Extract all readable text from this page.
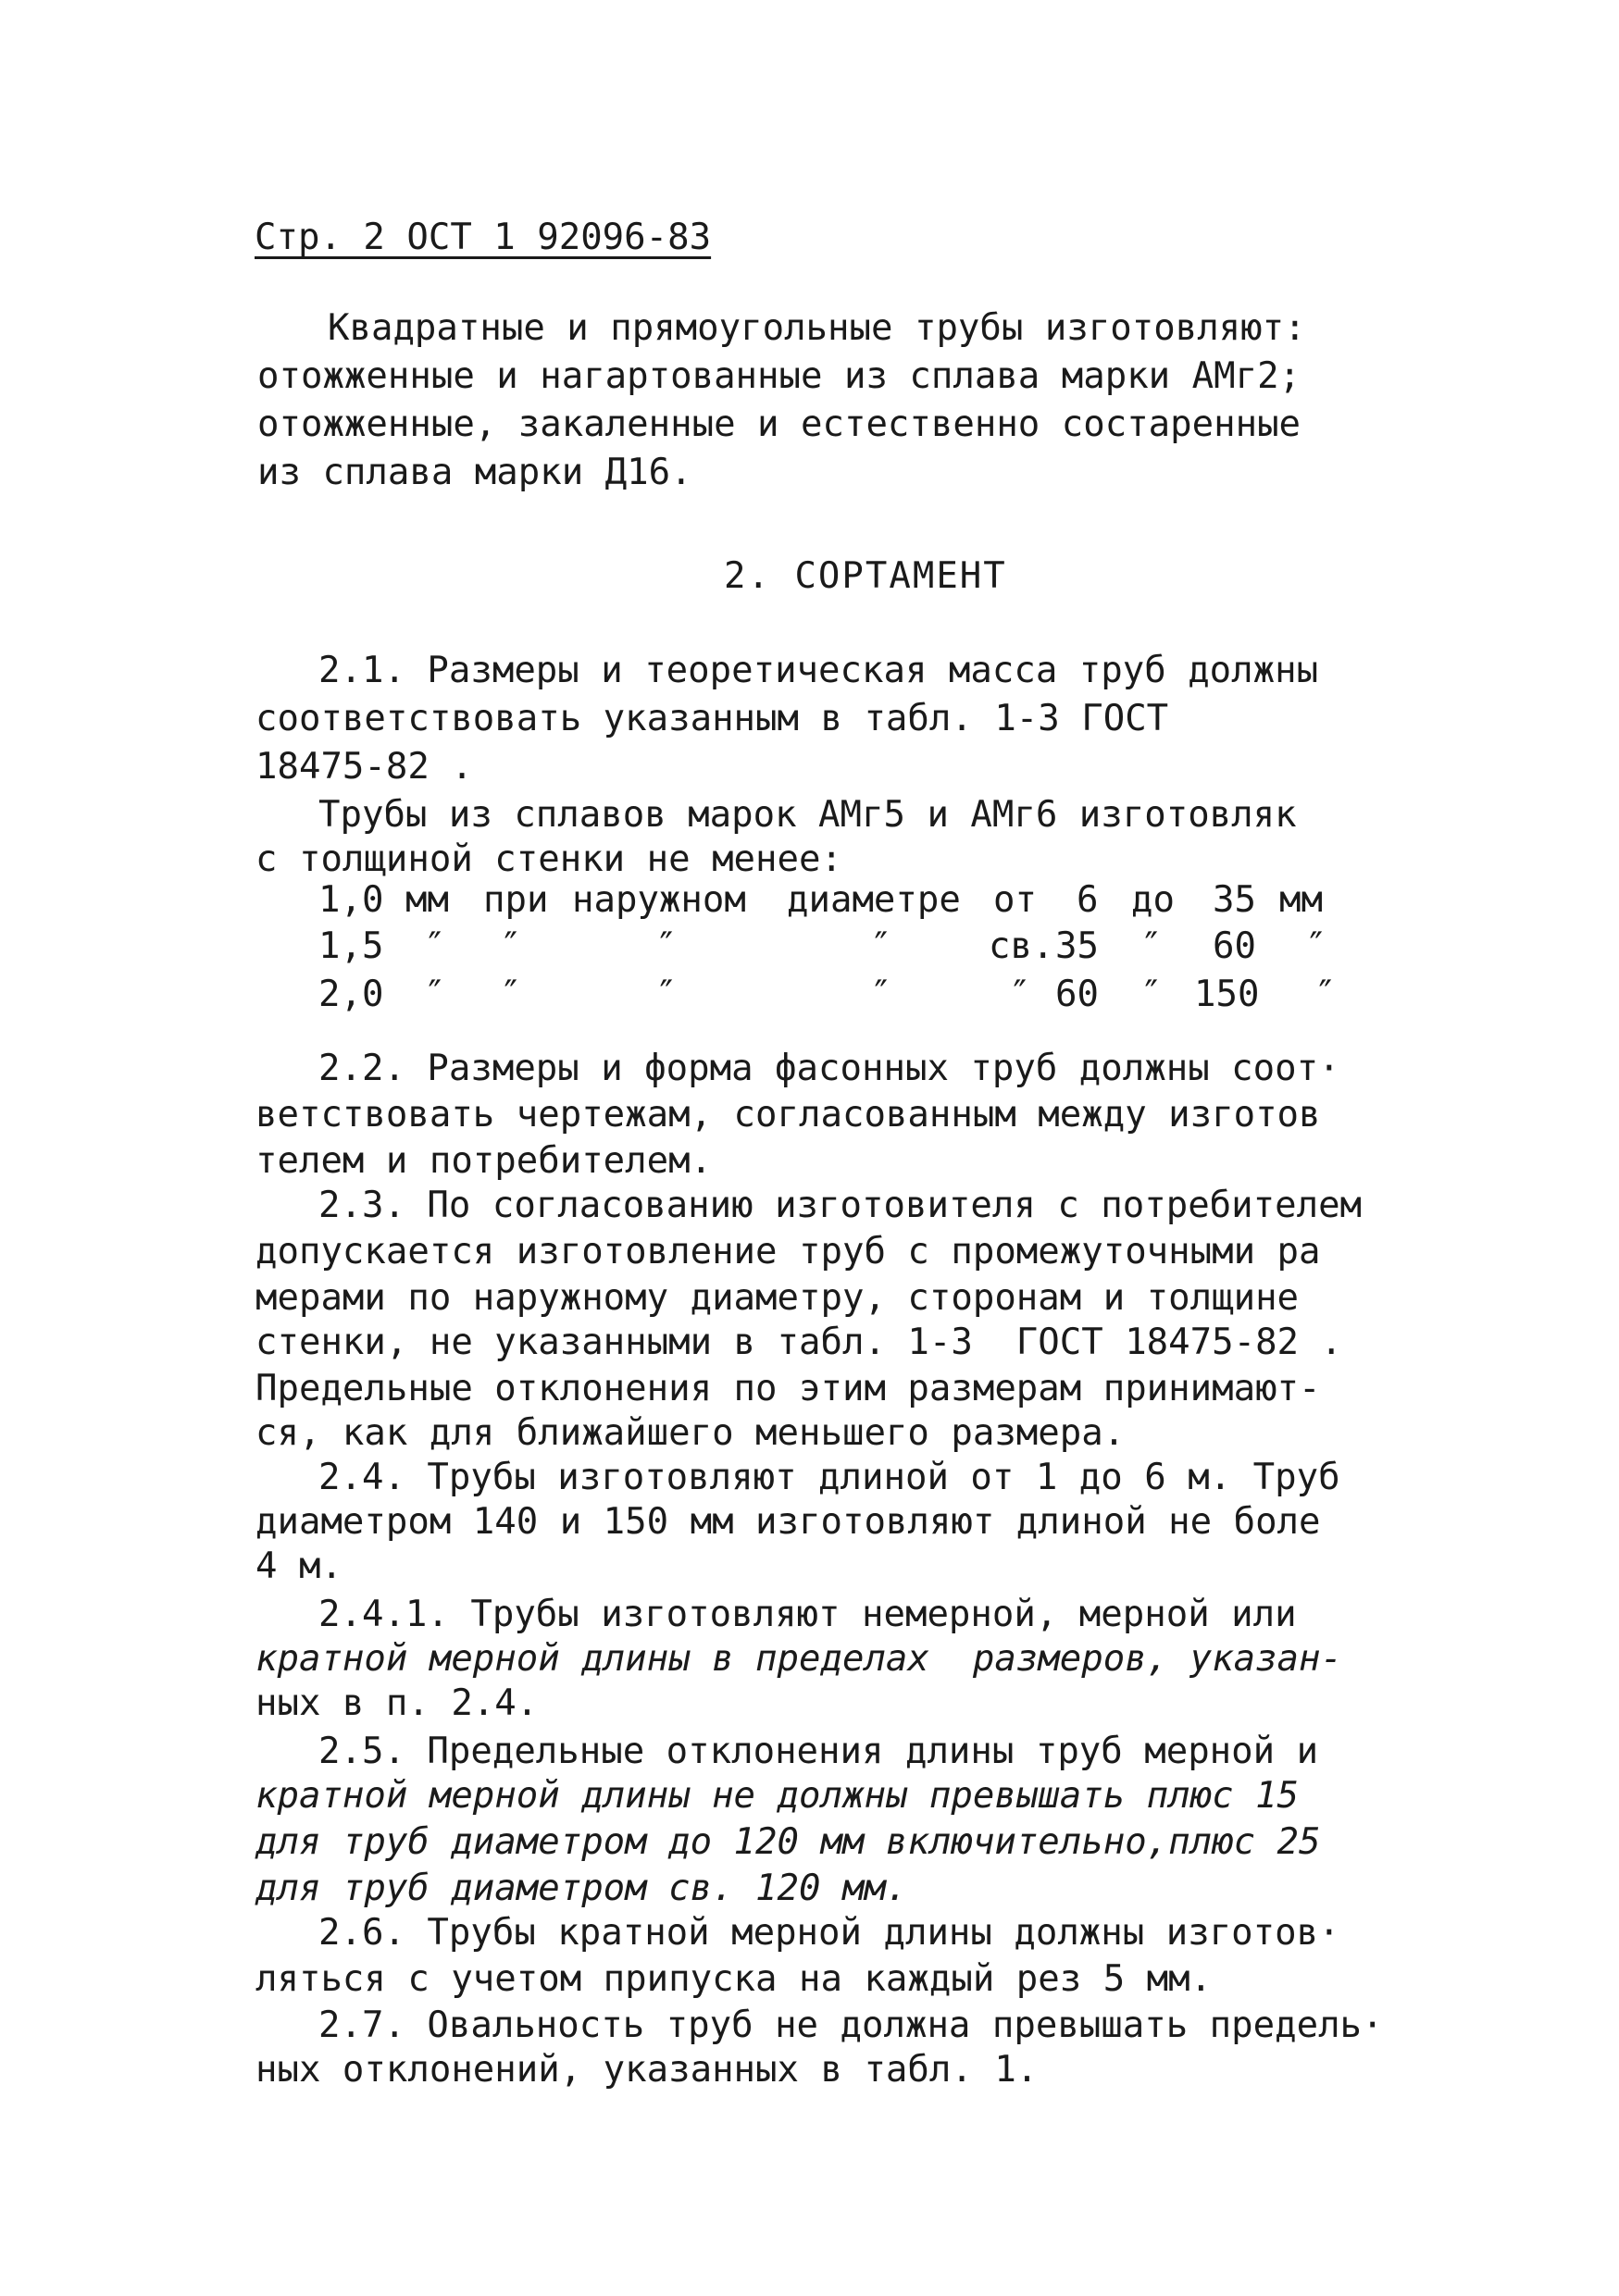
Стр. 2 ОСТ 1 92096-83
Квадратные и прямоугольные трубы изготовляют:
отожженные и нагартованные из сплава марки АМг2;
отожженные, закаленные и естественно состаренные
из сплава марки Д16.
2. СОРТАМЕНТ
2.1. Размеры и теоретическая масса труб должны
соответствовать указанным в табл. 1-3 ГОСТ
18475-82 .
Трубы из сплавов марок АМг5 и АМг6 изготовляк
с толщиной стенки не менее:
1,0 мм при наружном диаметре от 6 до 35 мм
1,5 ″ ″	″	″	св. 35 ″ 60 ″
2,0 ″ ″	″	″	″ 60 ″ 150 ″
2.2. Размеры и форма фасонных труб должны соот·
ветствовать чертежам, согласованным между изготов
телем и потребителем.
2.3. По согласованию изготовителя с потребителем
допускается изготовление труб с промежуточными ра
мерами по наружному диаметру, сторонам и толщине
стенки, не указанными в табл. 1-3  ГОСТ 18475-82 .
Предельные отклонения по этим размерам принимают-
ся, как для ближайшего меньшего размера.
2.4. Трубы изготовляют длиной от 1 до 6 м. Труб
диаметром 140 и 150 мм изготовляют длиной не боле
4 м.
2.4.1. Трубы изготовляют немерной, мерной или
кратной мерной длины в пределах  размеров, указан-
ных в п. 2.4.
2.5. Предельные отклонения длины труб мерной и
кратной мерной длины не должны превышать плюс 15
для труб диаметром до 120 мм включительно,плюс 25
для труб диаметром св. 120 мм.
2.6. Трубы кратной мерной длины должны изготов·
ляться с учетом припуска на каждый рез 5 мм.
2.7. Овальность труб не должна превышать предель·
ных отклонений, указанных в табл. 1.
